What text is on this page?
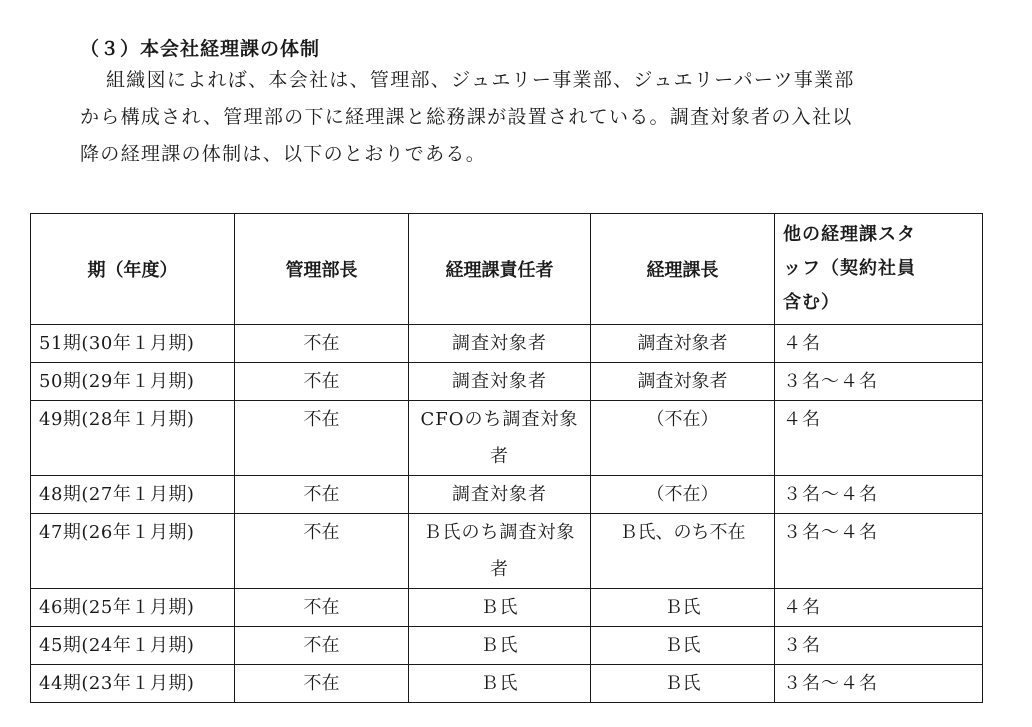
（３）本会社経理課の体制
組織図によれば、本会社は、管理部、ジュエリー事業部、ジュエリーパーツ事業部
から構成され、管理部の下に経理課と総務課が設置されている。調査対象者の入社以
降の経理課の体制は、以下のとおりである。
期（年度）	管理部長	経理課責任者	経理課長	他の経理課スタ
ッフ（契約社員
含む）
51期(30年１月期)	不在	調査対象者	調査対象者	４名
50期(29年１月期)	不在	調査対象者	調査対象者	３名～４名
49期(28年１月期)	不在	CFOのち調査対象者	（不在）	４名
48期(27年１月期)	不在	調査対象者	（不在）	３名～４名
47期(26年１月期)	不在	Ｂ氏のち調査対象者	Ｂ氏、のち不在	３名～４名
46期(25年１月期)	不在	Ｂ氏	Ｂ氏	４名
45期(24年１月期)	不在	Ｂ氏	Ｂ氏	３名
44期(23年１月期)	不在	Ｂ氏	Ｂ氏	３名～４名
